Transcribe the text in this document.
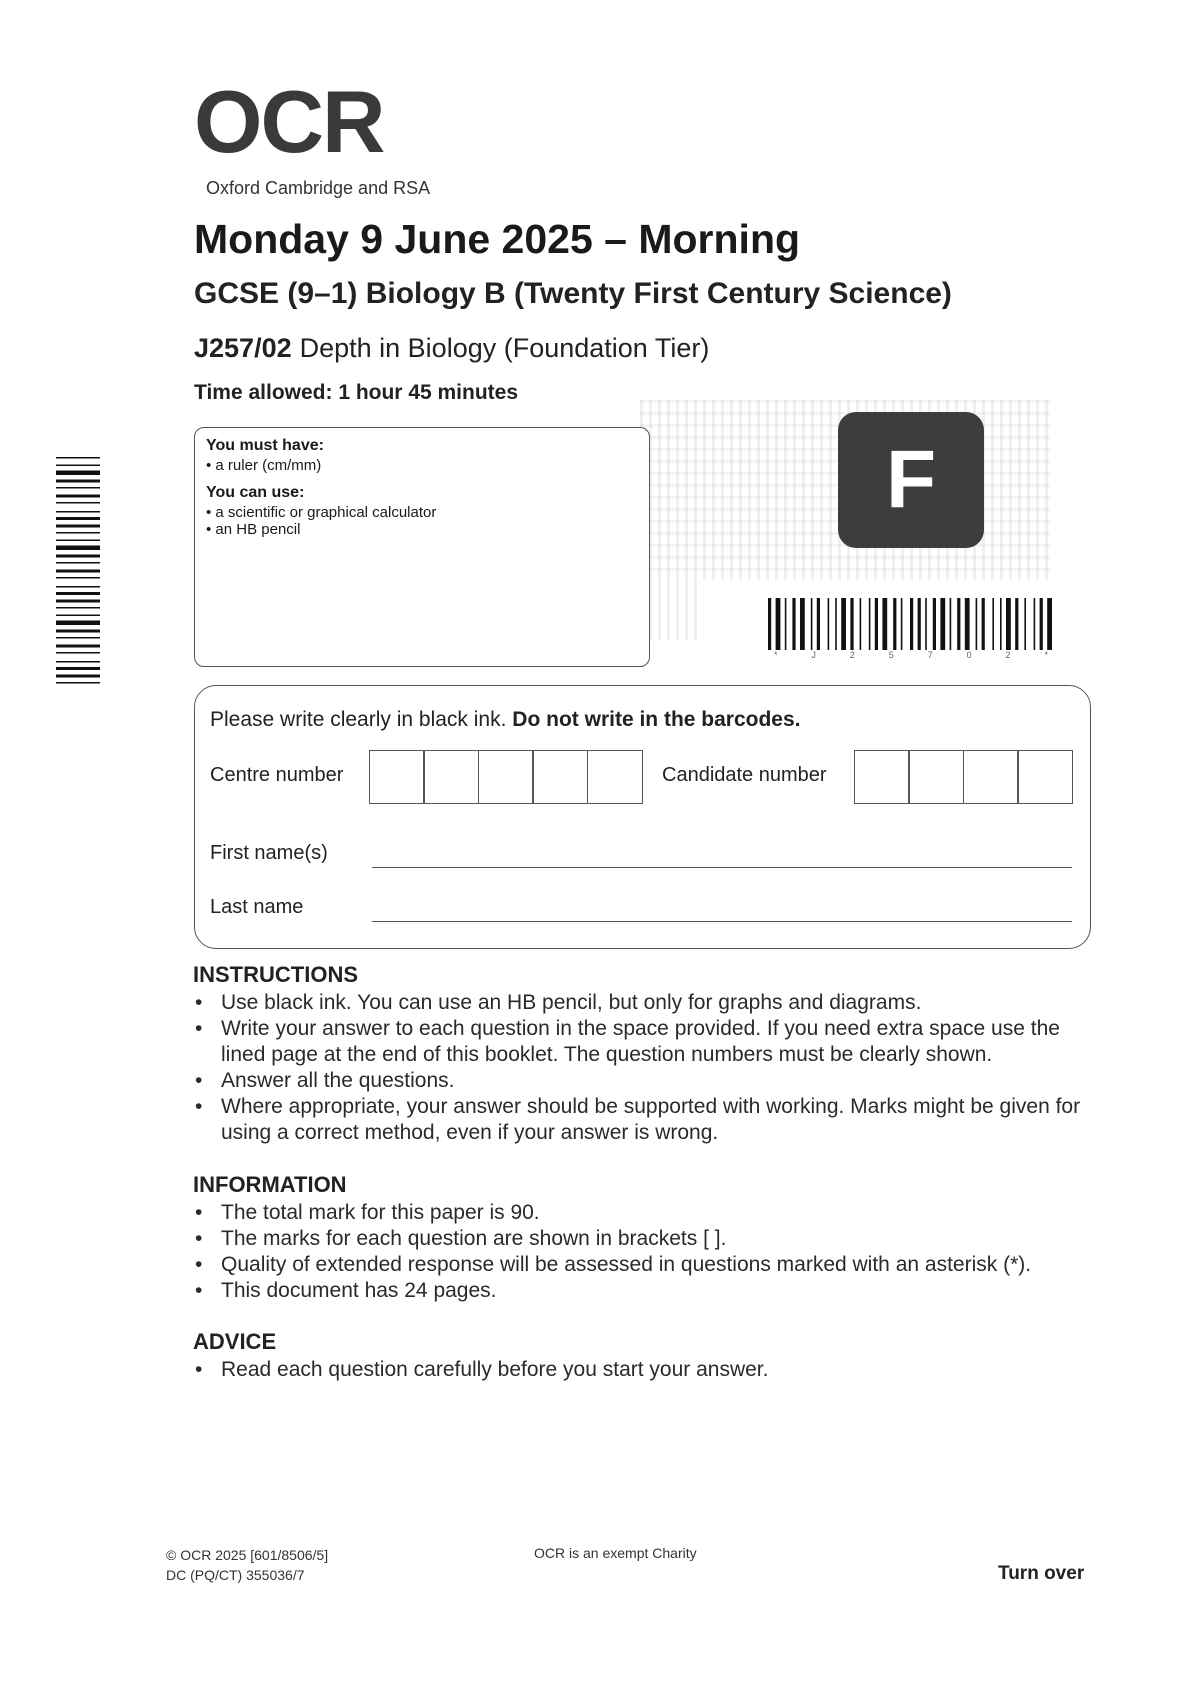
OCR
Oxford Cambridge and RSA
Monday 9 June 2025 – Morning
GCSE (9–1) Biology B (Twenty First Century Science)
J257/02 Depth in Biology (Foundation Tier)
Time allowed: 1 hour 45 minutes

You must have:

• a ruler (cm/mm)

You can use:

• a scientific or graphical calculator
• an HB pencil
F
*	J	2	5	7	0	2	*
Please write clearly in black ink. Do not write in the barcodes.
Centre number	Candidate number
First name(s)
Last name

INSTRUCTIONS

• Use black ink. You can use an HB pencil, but only for graphs and diagrams.
• Write your answer to each question in the space provided. If you need extra space use the lined page at the end of this booklet. The question numbers must be clearly shown.
• Answer all the questions.
• Where appropriate, your answer should be supported with working. Marks might be given for using a correct method, even if your answer is wrong.

INFORMATION

• The total mark for this paper is 90.
• The marks for each question are shown in brackets [ ].
• Quality of extended response will be assessed in questions marked with an asterisk (*).
• This document has 24 pages.

ADVICE

• Read each question carefully before you start your answer.
© OCR 2025 [601/8506/5]
DC (PQ/CT) 355036/7
OCR is an exempt Charity
Turn over
